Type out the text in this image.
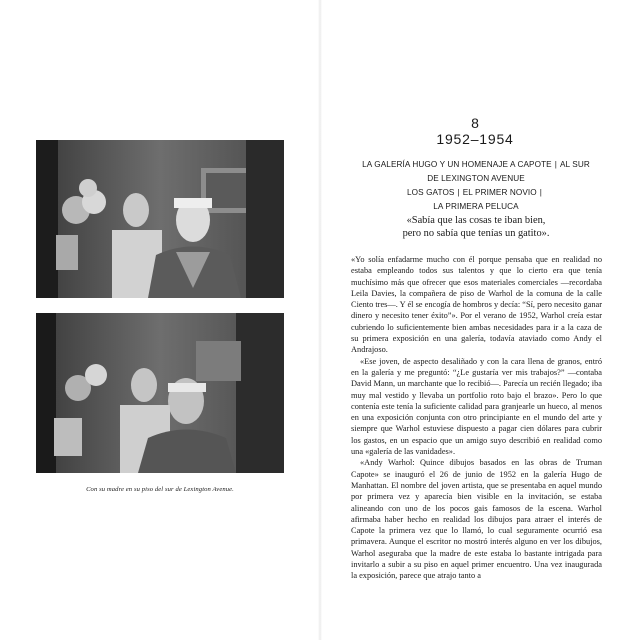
Con su madre en su piso del sur de Lexington Avenue.
8
1952–1954
LA GALERÍA HUGO Y UN HOMENAJE A CAPOTE | AL SUR DE LEXINGTON AVENUE
LOS GATOS | EL PRIMER NOVIO |
LA PRIMERA PELUCA
«Sabía que las cosas te iban bien,
pero no sabía que tenías un gatito».

«Yo solía enfadarme mucho con él porque pensaba que en realidad no estaba empleando todos sus talentos y que lo cierto era que tenía muchísimo más que ofrecer que esos materiales comerciales —recordaba Leila Davies, la compañera de piso de Warhol de la comuna de la calle Ciento tres—. Y él se encogía de hombros y decía: “Sí, pero necesito ganar dinero y necesito tener éxito”». Por el verano de 1952, Warhol creía estar cubriendo lo suficientemente bien ambas necesidades para ir a la caza de su primera exposición en una galería, todavía ataviado como Andy el Andrajoso.

«Ese joven, de aspecto desaliñado y con la cara llena de granos, entró en la galería y me preguntó: “¿Le gustaría ver mis trabajos?” —contaba David Mann, un marchante que lo recibió—. Parecía un recién llegado; iba muy mal vestido y llevaba un portfolio roto bajo el brazo». Pero lo que contenía este tenía la suficiente calidad para granjearle un hueco, al menos en una exposición conjunta con otro principiante en el mundo del arte y siempre que Warhol estuviese dispuesto a pagar cien dólares para cubrir los gastos, en un espacio que un amigo suyo describió en realidad como una «galería de las vanidades».

«Andy Warhol: Quince dibujos basados en las obras de Truman Capote» se inauguró el 26 de junio de 1952 en la galería Hugo de Manhattan. El nombre del joven artista, que se presentaba en aquel mundo por primera vez y aparecía bien visible en la invitación, se estaba alineando con uno de los pocos gais famosos de la escena. Warhol afirmaba haber hecho en realidad los dibujos para atraer el interés de Capote la primera vez que lo llamó, lo cual seguramente ocurrió esa primavera. Aunque el escritor no mostró interés alguno en ver los dibujos, Warhol aseguraba que la madre de este estaba lo bastante intrigada para invitarlo a subir a su piso en aquel primer encuentro. Una vez inaugurada la exposición, parece que atrajo tanto a
